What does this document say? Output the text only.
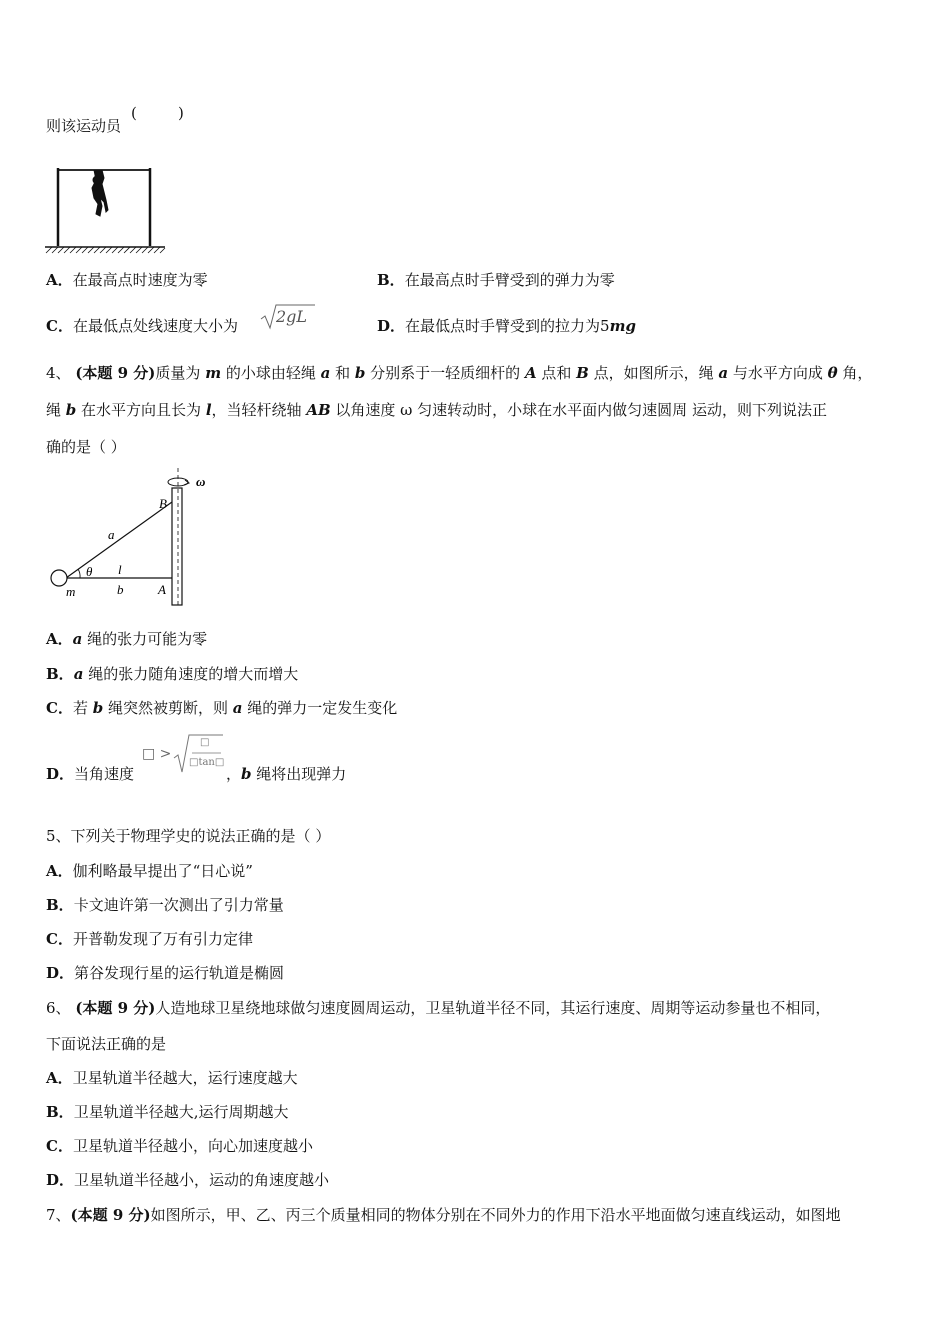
则该运动员
(	)
A．在最高点时速度为零	B．在最高点时手臂受到的弹力为零
C．在最低点处线速度大小为 2gL	D．在最低点时手臂受到的拉力为5mg
4、 (本题 9 分)质量为 m 的小球由轻绳 a 和 b 分别系于一轻质细杆的 A 点和 B 点，如图所示，绳 a 与水平方向成 θ 角，
绳 b 在水平方向且长为 l，当轻杆绕轴 AB 以角速度 ω 匀速转动时，小球在水平面内做匀速圆周 运动，则下列说法正
确的是（ ）
ω
B
a
θ l
m	b	A
A．a 绳的张力可能为零
B．a 绳的张力随角速度的增大而增大
C．若 b 绳突然被剪断，则 a 绳的弹力一定发生变化
D．当角速度
□ >
□
□tan□
，b 绳将出现弹力
5、下列关于物理学史的说法正确的是（ ）
A．伽利略最早提出了“日心说”
B．卡文迪许第一次测出了引力常量
C．开普勒发现了万有引力定律
D．第谷发现行星的运行轨道是椭圆
6、 (本题 9 分)人造地球卫星绕地球做匀速度圆周运动，卫星轨道半径不同，其运行速度、周期等运动参量也不相同，
下面说法正确的是
A．卫星轨道半径越大，运行速度越大
B．卫星轨道半径越大,运行周期越大
C．卫星轨道半径越小，向心加速度越小
D．卫星轨道半径越小，运动的角速度越小
7、(本题 9 分)如图所示，甲、乙、丙三个质量相同的物体分别在不同外力的作用下沿水平地面做匀速直线运动，如图地
